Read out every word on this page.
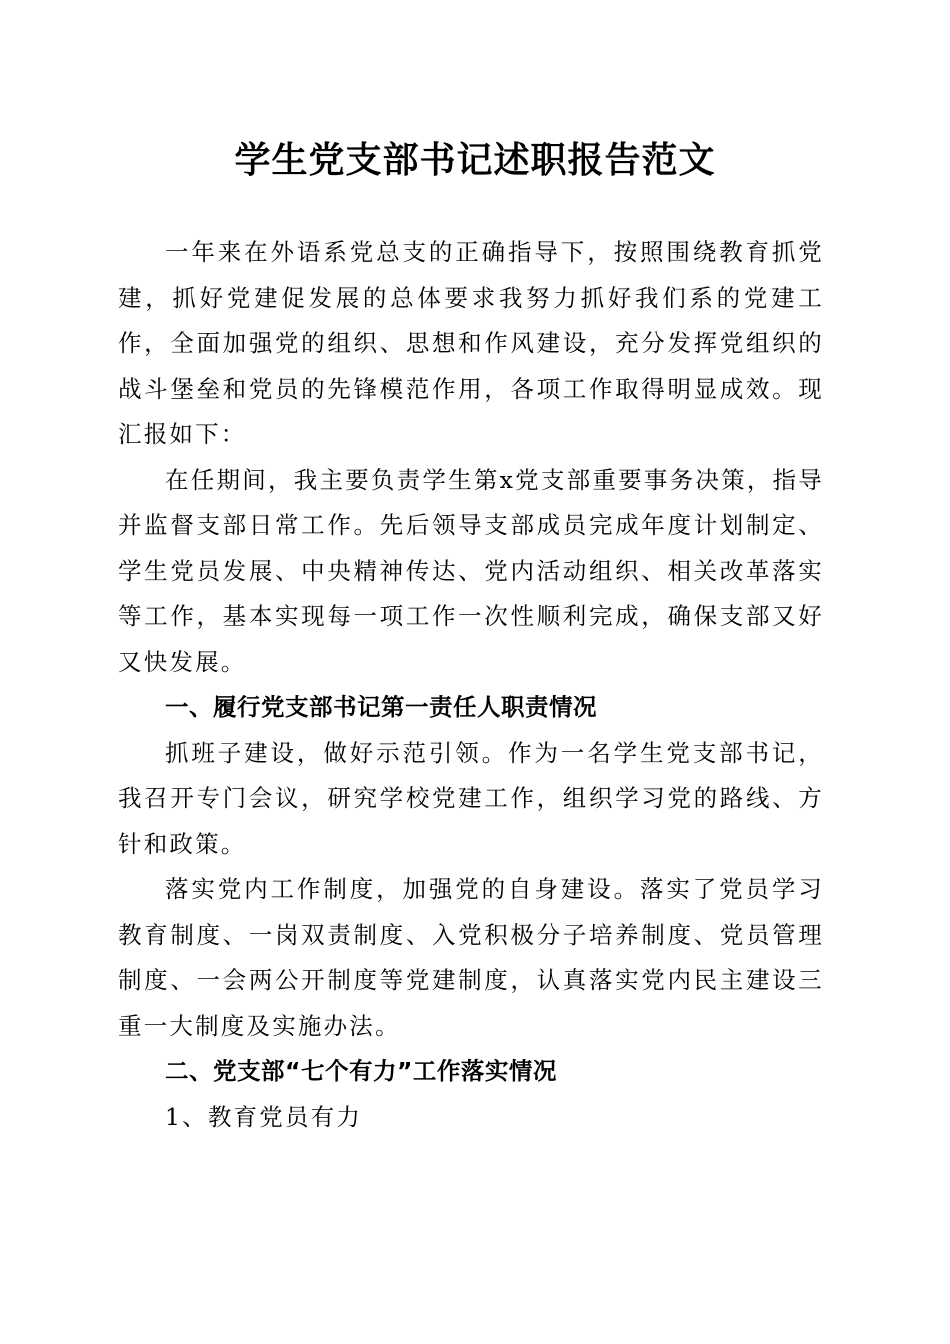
学生党支部书记述职报告范文

一年来在外语系党总支的正确指导下，按照围绕教育抓党建，抓好党建促发展的总体要求我努力抓好我们系的党建工作，全面加强党的组织、思想和作风建设，充分发挥党组织的战斗堡垒和党员的先锋模范作用，各项工作取得明显成效。现汇报如下：

在任期间，我主要负责学生第x党支部重要事务决策，指导并监督支部日常工作。先后领导支部成员完成年度计划制定、学生党员发展、中央精神传达、党内活动组织、相关改革落实等工作，基本实现每一项工作一次性顺利完成，确保支部又好又快发展。

一、履行党支部书记第一责任人职责情况

抓班子建设，做好示范引领。作为一名学生党支部书记，我召开专门会议，研究学校党建工作，组织学习党的路线、方针和政策。

落实党内工作制度，加强党的自身建设。落实了党员学习教育制度、一岗双责制度、入党积极分子培养制度、党员管理制度、一会两公开制度等党建制度，认真落实党内民主建设三重一大制度及实施办法。

二、党支部“七个有力”工作落实情况

1、教育党员有力
